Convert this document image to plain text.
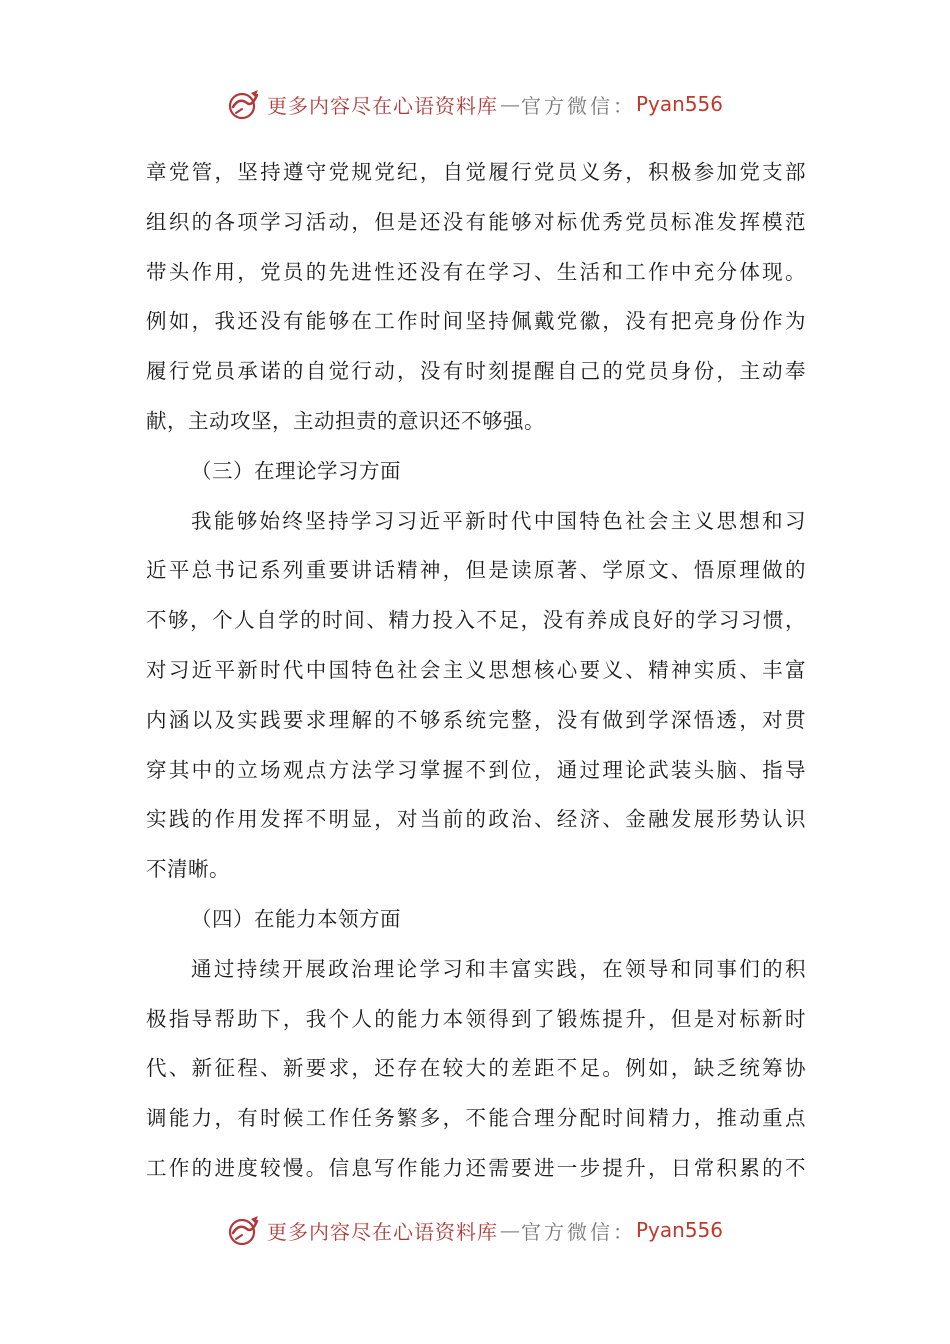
更多内容尽在心语资料库 — 官方微信： Pyan556
章党管，坚持遵守党规党纪，自觉履行党员义务，积极参加党支部
组织的各项学习活动，但是还没有能够对标优秀党员标准发挥模范
带头作用，党员的先进性还没有在学习、生活和工作中充分体现。
例如，我还没有能够在工作时间坚持佩戴党徽，没有把亮身份作为
履行党员承诺的自觉行动，没有时刻提醒自己的党员身份，主动奉
献，主动攻坚，主动担责的意识还不够强。
（三）在理论学习方面
我能够始终坚持学习习近平新时代中国特色社会主义思想和习
近平总书记系列重要讲话精神，但是读原著、学原文、悟原理做的
不够，个人自学的时间、精力投入不足，没有养成良好的学习习惯，
对习近平新时代中国特色社会主义思想核心要义、精神实质、丰富
内涵以及实践要求理解的不够系统完整，没有做到学深悟透，对贯
穿其中的立场观点方法学习掌握不到位，通过理论武装头脑、指导
实践的作用发挥不明显，对当前的政治、经济、金融发展形势认识
不清晰。
（四）在能力本领方面
通过持续开展政治理论学习和丰富实践，在领导和同事们的积
极指导帮助下，我个人的能力本领得到了锻炼提升，但是对标新时
代、新征程、新要求，还存在较大的差距不足。例如，缺乏统筹协
调能力，有时候工作任务繁多，不能合理分配时间精力，推动重点
工作的进度较慢。信息写作能力还需要进一步提升，日常积累的不
更多内容尽在心语资料库 — 官方微信： Pyan556
